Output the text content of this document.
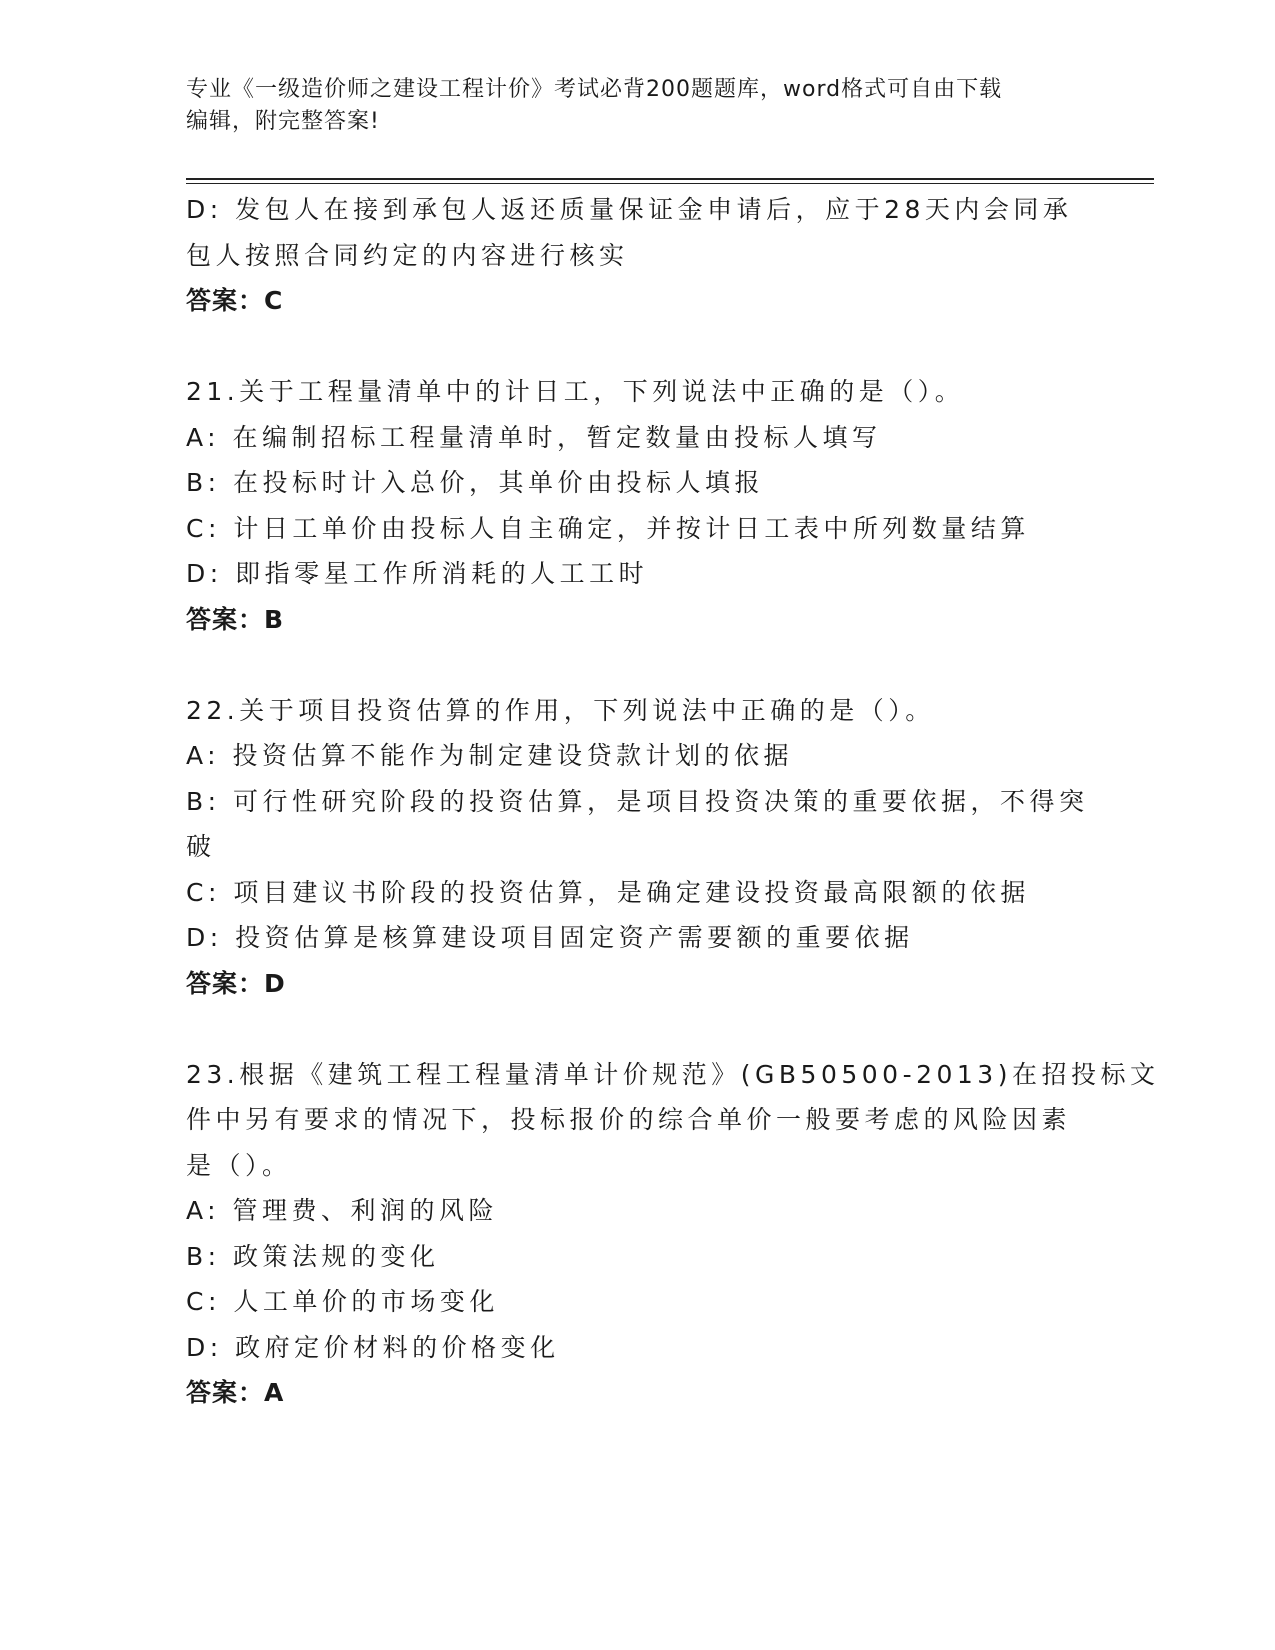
专业《一级造价师之建设工程计价》考试必背200题题库，word格式可自由下载
编辑，附完整答案!
D: 发包人在接到承包人返还质量保证金申请后，应于28天内会同承
包人按照合同约定的内容进行核实
答案：C
21.关于工程量清单中的计日工，下列说法中正确的是（）。
A: 在编制招标工程量清单时，暂定数量由投标人填写
B: 在投标时计入总价，其单价由投标人填报
C: 计日工单价由投标人自主确定，并按计日工表中所列数量结算
D: 即指零星工作所消耗的人工工时
答案：B
22.关于项目投资估算的作用，下列说法中正确的是（）。
A: 投资估算不能作为制定建设贷款计划的依据
B: 可行性研究阶段的投资估算，是项目投资决策的重要依据，不得突
破
C: 项目建议书阶段的投资估算，是确定建设投资最高限额的依据
D: 投资估算是核算建设项目固定资产需要额的重要依据
答案：D
23.根据《建筑工程工程量清单计价规范》(GB50500-2013)在招投标文
件中另有要求的情况下，投标报价的综合单价一般要考虑的风险因素
是（）。
A: 管理费、利润的风险
B: 政策法规的变化
C: 人工单价的市场变化
D: 政府定价材料的价格变化
答案：A
